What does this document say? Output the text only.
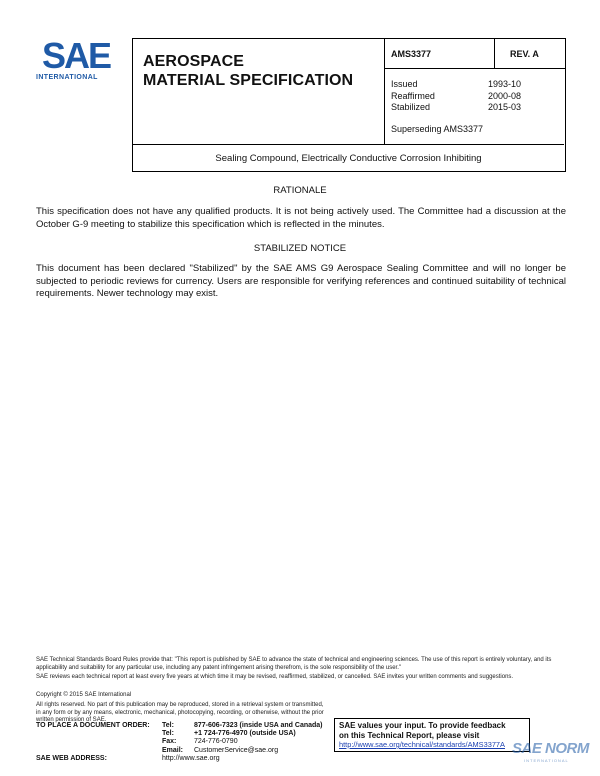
SAE
INTERNATIONAL
AEROSPACE
MATERIAL SPECIFICATION
AMS3377	REV. A
Issued	1993-10
Reaffirmed	2000-08
Stabilized	2015-03
Superseding AMS3377
Sealing Compound, Electrically Conductive Corrosion Inhibiting
RATIONALE
This specification does not have any qualified products. It is not being actively used. The Committee had a discussion at the October G-9 meeting to stabilize this specification which is reflected in the minutes.
STABILIZED NOTICE
This document has been declared "Stabilized" by the SAE AMS G9 Aerospace Sealing Committee and will no longer be subjected to periodic reviews for currency. Users are responsible for verifying references and continued suitability of technical requirements. Newer technology may exist.
SAE Technical Standards Board Rules provide that: "This report is published by SAE to advance the state of technical and engineering sciences. The use of this report is entirely voluntary, and its applicability and suitability for any particular use, including any patent infringement arising therefrom, is the sole responsibility of the user."
SAE reviews each technical report at least every five years at which time it may be revised, reaffirmed, stabilized, or cancelled. SAE invites your written comments and suggestions.
Copyright © 2015 SAE International
All rights reserved. No part of this publication may be reproduced, stored in a retrieval system or transmitted, in any form or by any means, electronic, mechanical, photocopying, recording, or otherwise, without the prior written permission of SAE.
TO PLACE A DOCUMENT ORDER:	Tel:	877-606-7323 (inside USA and Canada)
Tel:	+1 724-776-4970 (outside USA)
Fax:	724-776-0790
Email:	CustomerService@sae.org
SAE WEB ADDRESS:	http://www.sae.org
SAE values your input. To provide feedback
on this Technical Report, please visit
http://www.sae.org/technical/standards/AMS3377A SAE NORM
INTERNATIONAL
